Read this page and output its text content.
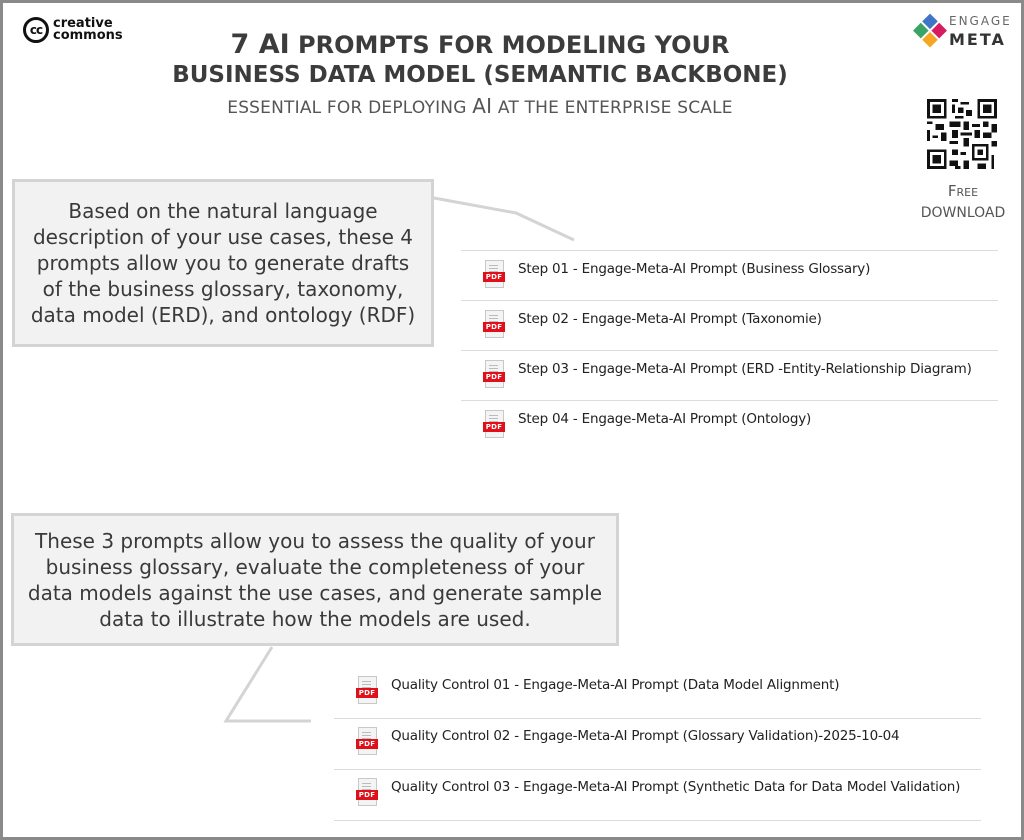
cc creative
commons	7 AI PROMPTS FOR MODELING YOUR
BUSINESS DATA MODEL (SEMANTIC BACKBONE)
ESSENTIAL FOR DEPLOYING AI AT THE ENTERPRISE SCALE
ENGAGE
META
Free
DOWNLOAD
Based on the natural language description of your use cases, these 4 prompts allow you to generate drafts of the business glossary, taxonomy, data model (ERD), and ontology (RDF)
These 3 prompts allow you to assess the quality of your business glossary, evaluate the completeness of your data models against the use cases, and generate sample data to illustrate how the models are used.
PDF Step 01 - Engage-Meta-AI Prompt (Business Glossary)
PDF Step 02 - Engage-Meta-AI Prompt (Taxonomie)
PDF Step 03 - Engage-Meta-AI Prompt (ERD -Entity-Relationship Diagram)
PDF Step 04 - Engage-Meta-AI Prompt (Ontology)
PDF Quality Control 01 - Engage-Meta-AI Prompt (Data Model Alignment)
PDF Quality Control 02 - Engage-Meta-AI Prompt (Glossary Validation)-2025-10-04
PDF Quality Control 03 - Engage-Meta-AI Prompt (Synthetic Data for Data Model Validation)
